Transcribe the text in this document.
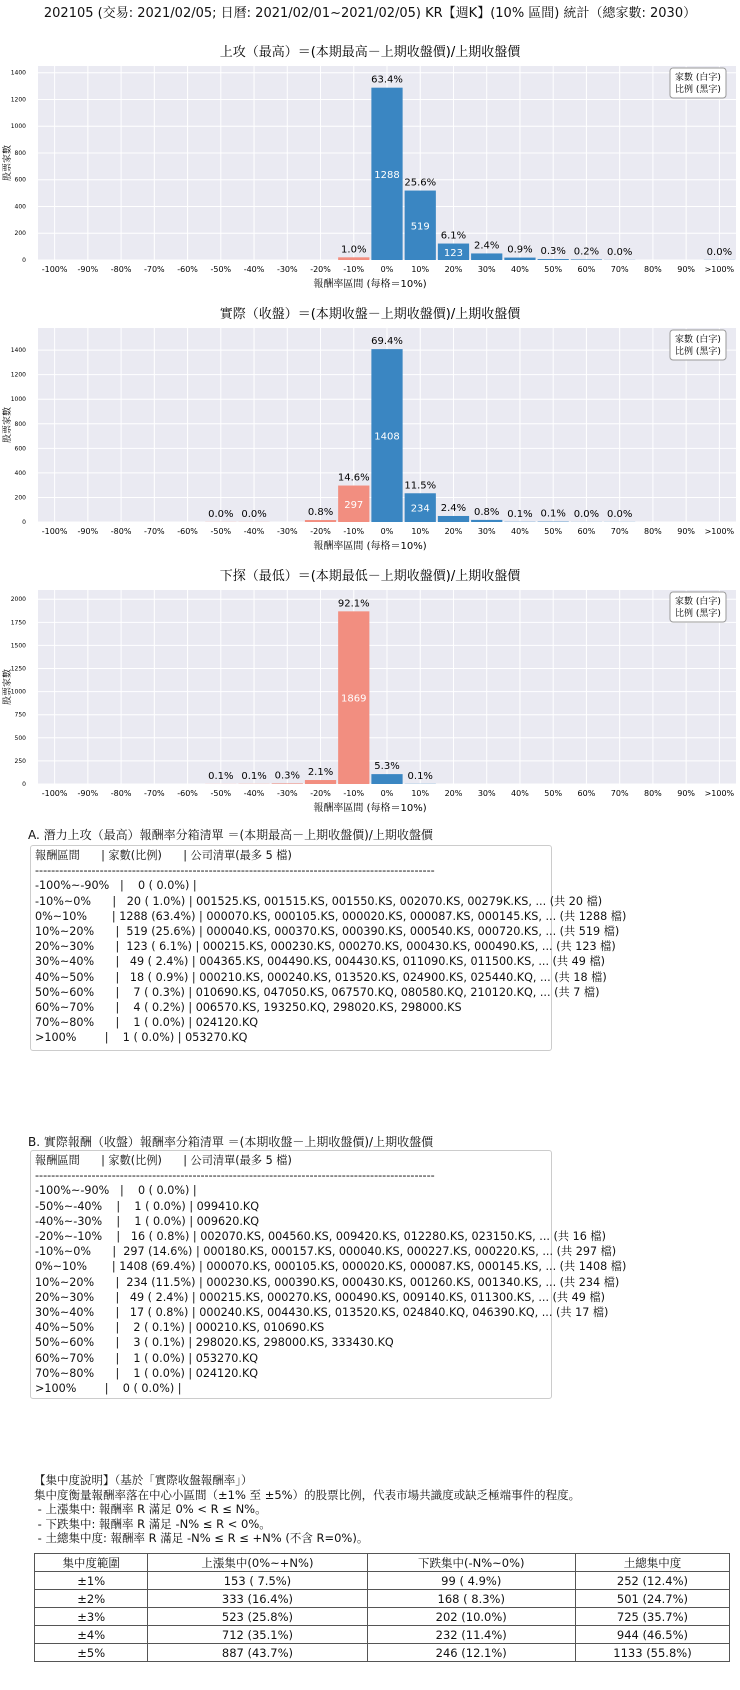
202105 (交易: 2021/02/05; 日曆: 2021/02/01~2021/02/05) KR【週K】(10% 區間) 統計（總家數: 2030）
上攻（最高）＝(本期最高－上期收盤價)/上期收盤價
0
200
400
600
800
1000
1200
1400
股票家數
-100% -90% -80% -70% -60% -50% -40% -30% -20%
1.0%
-10%
1288
63.4%
0%
519
25.6%
10%
123
6.1%
20%
2.4%
30%
0.9%
40%
0.3%
50%
0.2%
60%
0.0%
70% 80% 90%
0.0%
>100%
報酬率區間 (每格＝10%)
家數 (白字)
比例 (黑字)
實際（收盤）＝(本期收盤－上期收盤價)/上期收盤價
0
200
400
600
800
1000
1200
1400
股票家數
-100% -90% -80% -70% -60%
0.0%
-50%
0.0%
-40% -30%
0.8%
-20%
297
14.6%
-10%
1408
69.4%
0%
234
11.5%
10%
2.4%
20%
0.8%
30%
0.1%
40%
0.1%
50%
0.0%
60%
0.0%
70% 80% 90% >100%
報酬率區間 (每格＝10%)
家數 (白字)
比例 (黑字)
下探（最低）＝(本期最低－上期收盤價)/上期收盤價
0
250
500
750
1000
1250
1500
1750
2000
股票家數
-100% -90% -80% -70% -60%
0.1%
-50%
0.1%
-40%
0.3%
-30%
2.1%
-20%
1869
92.1%
-10%
5.3%
0%
0.1%
10% 20% 30% 40% 50% 60% 70% 80% 90% >100%
報酬率區間 (每格＝10%)
家數 (白字)
比例 (黑字)
A. 潛力上攻（最高）報酬率分箱清單 ＝(本期最高－上期收盤價)/上期收盤價
報酬區間      | 家數(比例)      | 公司清單(最多 5 檔)
---------------------------------------------------------------------------------------------------
-100%~-90%   |    0 ( 0.0%) |
-10%~0%      |   20 ( 1.0%) | 001525.KS, 001515.KS, 001550.KS, 002070.KS, 00279K.KS, ... (共 20 檔)
0%~10%       | 1288 (63.4%) | 000070.KS, 000105.KS, 000020.KS, 000087.KS, 000145.KS, ... (共 1288 檔)
10%~20%      |  519 (25.6%) | 000040.KS, 000370.KS, 000390.KS, 000540.KS, 000720.KS, ... (共 519 檔)
20%~30%      |  123 ( 6.1%) | 000215.KS, 000230.KS, 000270.KS, 000430.KS, 000490.KS, ... (共 123 檔)
30%~40%      |   49 ( 2.4%) | 004365.KS, 004490.KS, 004430.KS, 011090.KS, 011500.KS, ... (共 49 檔)
40%~50%      |   18 ( 0.9%) | 000210.KS, 000240.KS, 013520.KS, 024900.KS, 025440.KQ, ... (共 18 檔)
50%~60%      |    7 ( 0.3%) | 010690.KS, 047050.KS, 067570.KQ, 080580.KQ, 210120.KQ, ... (共 7 檔)
60%~70%      |    4 ( 0.2%) | 006570.KS, 193250.KQ, 298020.KS, 298000.KS
70%~80%      |    1 ( 0.0%) | 024120.KQ
>100%        |    1 ( 0.0%) | 053270.KQ
B. 實際報酬（收盤）報酬率分箱清單 ＝(本期收盤－上期收盤價)/上期收盤價
報酬區間      | 家數(比例)      | 公司清單(最多 5 檔)
---------------------------------------------------------------------------------------------------
-100%~-90%   |    0 ( 0.0%) |
-50%~-40%    |    1 ( 0.0%) | 099410.KQ
-40%~-30%    |    1 ( 0.0%) | 009620.KQ
-20%~-10%    |   16 ( 0.8%) | 002070.KS, 004560.KS, 009420.KS, 012280.KS, 023150.KS, ... (共 16 檔)
-10%~0%      |  297 (14.6%) | 000180.KS, 000157.KS, 000040.KS, 000227.KS, 000220.KS, ... (共 297 檔)
0%~10%       | 1408 (69.4%) | 000070.KS, 000105.KS, 000020.KS, 000087.KS, 000145.KS, ... (共 1408 檔)
10%~20%      |  234 (11.5%) | 000230.KS, 000390.KS, 000430.KS, 001260.KS, 001340.KS, ... (共 234 檔)
20%~30%      |   49 ( 2.4%) | 000215.KS, 000270.KS, 000490.KS, 009140.KS, 011300.KS, ... (共 49 檔)
30%~40%      |   17 ( 0.8%) | 000240.KS, 004430.KS, 013520.KS, 024840.KQ, 046390.KQ, ... (共 17 檔)
40%~50%      |    2 ( 0.1%) | 000210.KS, 010690.KS
50%~60%      |    3 ( 0.1%) | 298020.KS, 298000.KS, 333430.KQ
60%~70%      |    1 ( 0.0%) | 053270.KQ
70%~80%      |    1 ( 0.0%) | 024120.KQ
>100%        |    0 ( 0.0%) |
【集中度說明】（基於「實際收盤報酬率」）
集中度衡量報酬率落在中心小區間（±1% 至 ±5%）的股票比例，代表市場共識度或缺乏極端事件的程度。
- 上漲集中: 報酬率 R 滿足 0% < R ≤ N%。
- 下跌集中: 報酬率 R 滿足 -N% ≤ R < 0%。
- 土總集中度: 報酬率 R 滿足 -N% ≤ R ≤ +N% (不含 R=0%)。
集中度範圍	上漲集中(0%~+N%)	下跌集中(-N%~0%)	土總集中度
±1%	153 ( 7.5%)	99 ( 4.9%)	252 (12.4%)
±2%	333 (16.4%)	168 ( 8.3%)	501 (24.7%)
±3%	523 (25.8%)	202 (10.0%)	725 (35.7%)
±4%	712 (35.1%)	232 (11.4%)	944 (46.5%)
±5%	887 (43.7%)	246 (12.1%)	1133 (55.8%)
